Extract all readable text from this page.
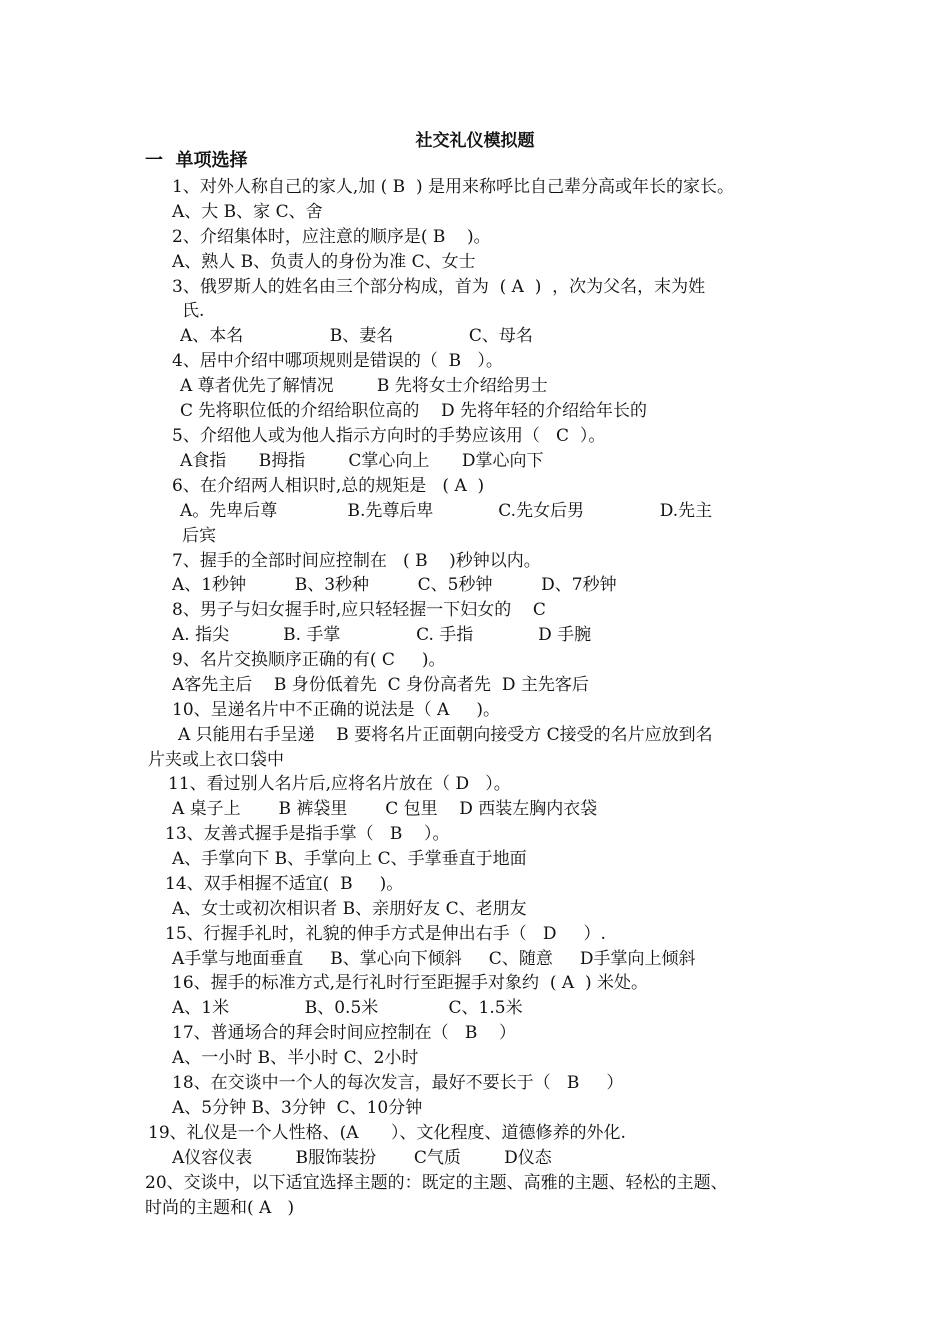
社交礼仪模拟题
一  单项选择
1、对外人称自己的家人,加 ( B  ) 是用来称呼比自己辈分高或年长的家长。
A、大 B、家 C、舍
2、介绍集体时，应注意的顺序是( B    )。
A、熟人 B、负责人的身份为准 C、女士
3、俄罗斯人的姓名由三个部分构成，首为  ( A  )  ，次为父名，末为姓
氏.
A、本名                B、妻名              C、母名
4、居中介绍中哪项规则是错误的（  B   ）。
A 尊者优先了解情况        B 先将女士介绍给男士
C 先将职位低的介绍给职位高的    D 先将年轻的介绍给年长的
5、介绍他人或为他人指示方向时的手势应该用（   C  ）。
A食指      B拇指        C掌心向上      D掌心向下
6、在介绍两人相识时,总的规矩是   ( A  )
A。先卑后尊             B.先尊后卑            C.先女后男              D.先主
后宾
7、握手的全部时间应控制在   ( B    )秒钟以内。
A、1秒钟         B、3秒种         C、5秒钟         D、7秒钟
8、男子与妇女握手时,应只轻轻握一下妇女的    C
A. 指尖          B. 手掌              C. 手指            D 手腕
9、名片交换顺序正确的有( C     )。
A客先主后    B 身份低着先  C 身份高者先  D 主先客后
10、呈递名片中不正确的说法是（ A     )。
A 只能用右手呈递    B 要将名片正面朝向接受方 C接受的名片应放到名
片夹或上衣口袋中
11、看过别人名片后,应将名片放在（ D   ）。
A 桌子上       B 裤袋里       C 包里    D 西装左胸内衣袋
13、友善式握手是指手掌（   B    ）。
A、手掌向下 B、手掌向上 C、手掌垂直于地面
14、双手相握不适宜(  B     )。
A、女士或初次相识者 B、亲朋好友 C、老朋友
15、行握手礼时，礼貌的伸手方式是伸出右手（   D     ）.
A手掌与地面垂直     B、掌心向下倾斜     C、随意     D手掌向上倾斜
16、握手的标准方式,是行礼时行至距握手对象约  ( A  ) 米处。
A、1米              B、0.5米             C、1.5米
17、普通场合的拜会时间应控制在（   B    ）
A、一小时 B、半小时 C、2小时
18、在交谈中一个人的每次发言，最好不要长于（   B     ）
A、5分钟 B、3分钟  C、10分钟
19、礼仪是一个人性格、(A      ）、文化程度、道德修养的外化.
A仪容仪表        B服饰装扮       C气质        D仪态
20、交谈中，以下适宜选择主题的：既定的主题、高雅的主题、轻松的主题、
时尚的主题和( A   )
